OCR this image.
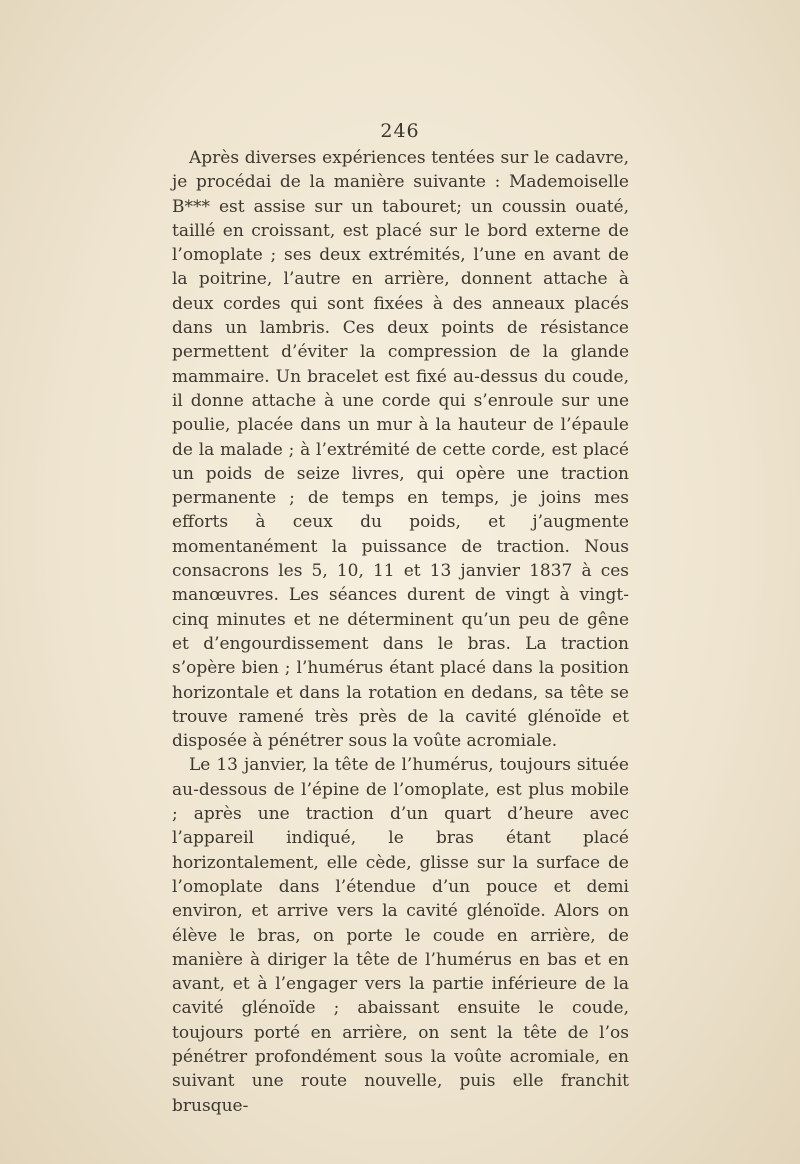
246

Après diverses expériences tentées sur le cadavre, je procédai de la manière suivante : Mademoiselle B*** est assise sur un tabouret; un coussin ouaté, taillé en croissant, est placé sur le bord externe de l’omoplate ; ses deux extrémités, l’une en avant de la poitrine, l’autre en arrière, donnent attache à deux cordes qui sont fixées à des anneaux placés dans un lambris. Ces deux points de résistance permettent d’éviter la compression de la glande mammaire. Un bracelet est fixé au-dessus du coude, il donne attache à une corde qui s’enroule sur une poulie, placée dans un mur à la hauteur de l’épaule de la malade ; à l’extrémité de cette corde, est placé un poids de seize livres, qui opère une traction permanente ; de temps en temps, je joins mes efforts à ceux du poids, et j’augmente momentanément la puissance de traction. Nous consacrons les 5, 10, 11 et 13 janvier 1837 à ces manœuvres. Les séances durent de vingt à vingt-cinq minutes et ne déterminent qu’un peu de gêne et d’engourdissement dans le bras. La traction s’opère bien ; l’humérus étant placé dans la position horizontale et dans la rotation en dedans, sa tête se trouve ramené très près de la cavité glénoïde et disposée à pénétrer sous la voûte acromiale.

Le 13 janvier, la tête de l’humérus, toujours située au-dessous de l’épine de l’omoplate, est plus mobile ; après une traction d’un quart d’heure avec l’appareil indiqué, le bras étant placé horizontalement, elle cède, glisse sur la surface de l’omoplate dans l’étendue d’un pouce et demi environ, et arrive vers la cavité glénoïde. Alors on élève le bras, on porte le coude en arrière, de manière à diriger la tête de l’humérus en bas et en avant, et à l’engager vers la partie inférieure de la cavité glénoïde ; abaissant ensuite le coude, toujours porté en arrière, on sent la tête de l’os pénétrer profondément sous la voûte acromiale, en suivant une route nouvelle, puis elle franchit brusque-
